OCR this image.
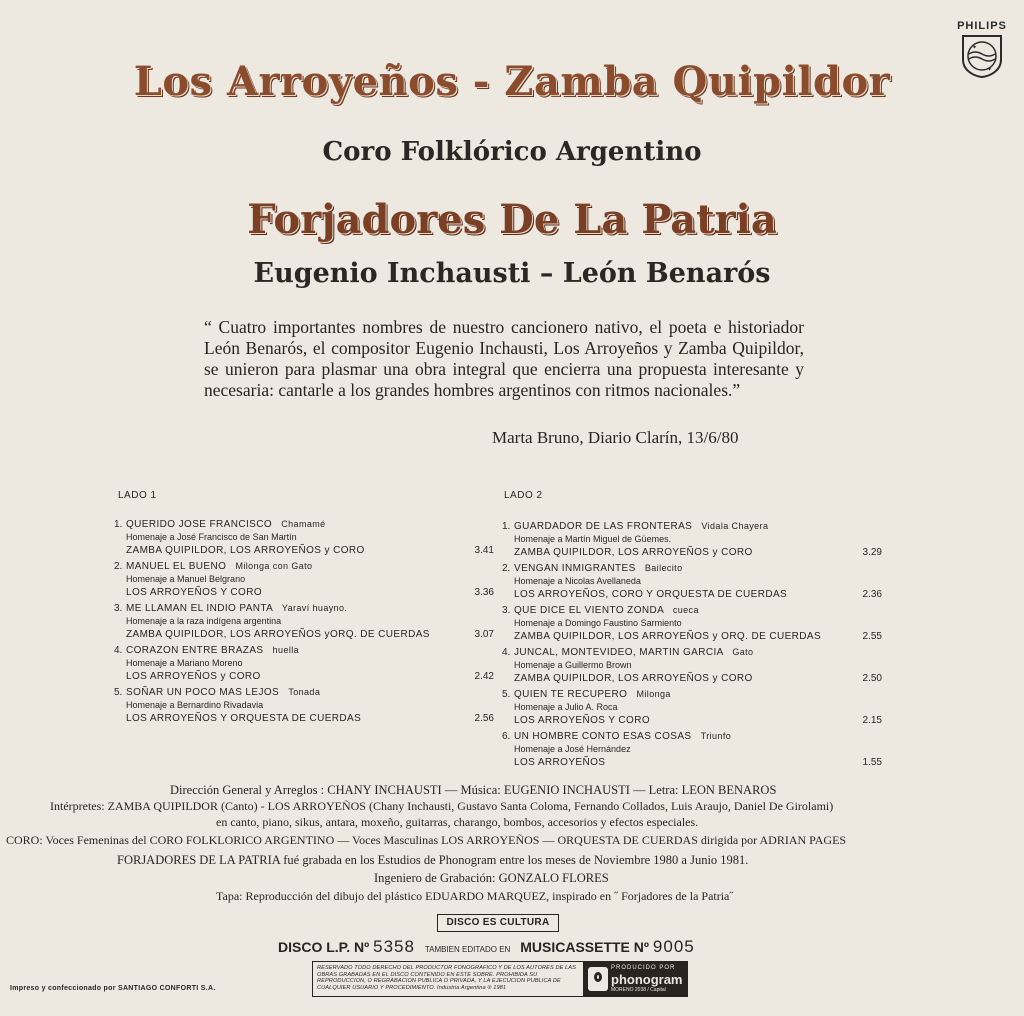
PHILIPS
✦
✦
Los Arroyeños - Zamba Quipildor
Coro Folklórico Argentino
Forjadores De La Patria
Eugenio Inchausti – León Benarós
“ Cuatro importantes nombres de nuestro cancionero nativo, el poeta e historiador León Benarós, el compositor Eugenio Inchausti, Los Arroyeños y Zamba Quipildor, se unieron para plasmar una obra integral que encierra una propuesta interesante y necesaria: cantarle a los grandes hombres argentinos con ritmos nacionales.”
Marta Bruno, Diario Clarín, 13/6/80
LADO 1
1. QUERIDO JOSE FRANCISCO Chamamé
Homenaje a José Francisco de San Martín
ZAMBA QUIPILDOR, LOS ARROYEÑOS y CORO	3.41
2. MANUEL EL BUENO Milonga con Gato
Homenaje a Manuel Belgrano
LOS ARROYEÑOS Y CORO	3.36
3. ME LLAMAN EL INDIO PANTA Yaraví huayno.
Homenaje a la raza indígena argentina
ZAMBA QUIPILDOR, LOS ARROYEÑOS yORQ. DE CUERDAS	3.07
4. CORAZON ENTRE BRAZAS huella
Homenaje a Mariano Moreno
LOS ARROYEÑOS y CORO	2.42
5. SOÑAR UN POCO MAS LEJOS Tonada
Homenaje a Bernardino Rivadavia
LOS ARROYEÑOS Y ORQUESTA DE CUERDAS	2.56
LADO 2
1. GUARDADOR DE LAS FRONTERAS Vidala Chayera
Homenaje a Martín Miguel de Güemes.
ZAMBA QUIPILDOR, LOS ARROYEÑOS y CORO	3.29
2. VENGAN INMIGRANTES Bailecito
Homenaje a Nicolas Avellaneda
LOS ARROYEÑOS, CORO Y ORQUESTA DE CUERDAS	2.36
3. QUE DICE EL VIENTO ZONDA cueca
Homenaje a Domingo Faustino Sarmiento
ZAMBA QUIPILDOR, LOS ARROYEÑOS y ORQ. DE CUERDAS	2.55
4. JUNCAL, MONTEVIDEO, MARTIN GARCIA Gato
Homenaje a Guillermo Brown
ZAMBA QUIPILDOR, LOS ARROYEÑOS y CORO	2.50
5. QUIEN TE RECUPERO Milonga
Homenaje a Julio A. Roca
LOS ARROYEÑOS Y CORO	2.15
6. UN HOMBRE CONTO ESAS COSAS Triunfo
Homenaje a José Hernández
LOS ARROYEÑOS	1.55
Dirección General y Arreglos : CHANY INCHAUSTI — Música: EUGENIO INCHAUSTI — Letra: LEON BENAROS
Intérpretes: ZAMBA QUIPILDOR (Canto) - LOS ARROYEÑOS (Chany Inchausti, Gustavo Santa Coloma, Fernando Collados, Luis Araujo, Daniel De Girolami)
en canto, piano, sikus, antara, moxeño, guitarras, charango, bombos, accesorios y efectos especiales.
CORO: Voces Femeninas del CORO FOLKLORICO ARGENTINO — Voces Masculinas LOS ARROYEÑOS — ORQUESTA DE CUERDAS dirigida por ADRIAN PAGES
FORJADORES DE LA PATRIA fué grabada en los Estudios de Phonogram entre los meses de Noviembre 1980 a Junio 1981.
Ingeniero de Grabación: GONZALO FLORES
Tapa: Reproducción del dibujo del plástico EDUARDO MARQUEZ, inspirado en ˝ Forjadores de la Patria˝
DISCO ES CULTURA
DISCO L.P. Nº 5358 TAMBIEN EDITADO EN MUSICASSETTE Nº 9005
RESERVADO TODO DERECHO DEL PRODUCTOR FONOGRAFICO Y DE LOS AUTORES DE LAS OBRAS GRABADAS EN EL DISCO CONTENIDO EN ESTE SOBRE. PROHIBIDA SU REPRODUCCION, O REGRABACION PUBLICA O PRIVADA, Y LA EJECUCION PUBLICA DE CUALQUIER USUARIO Y PROCEDIMIENTO. Industria Argentina ℗ 1981
PRODUCIDO POR
phonogram
MORENO 2038 / Capital
Impreso y confeccionado por SANTIAGO CONFORTI S.A.
